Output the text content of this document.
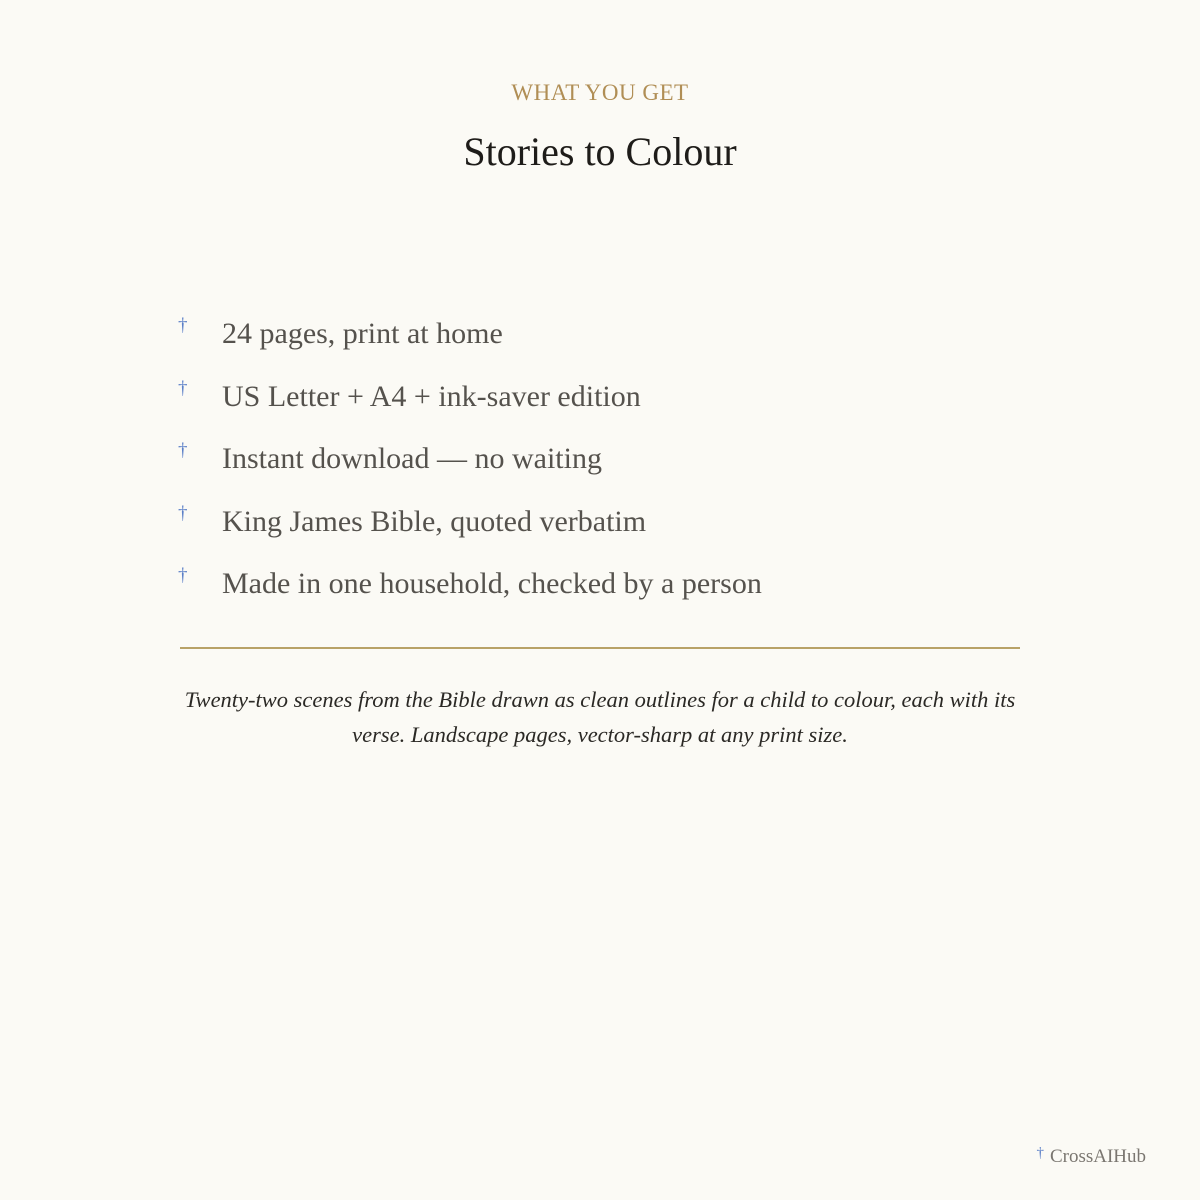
WHAT YOU GET
Stories to Colour
† 24 pages, print at home
† US Letter + A4 + ink-saver edition
† Instant download — no waiting
† King James Bible, quoted verbatim
† Made in one household, checked by a person

Twenty-two scenes from the Bible drawn as clean outlines for a child to colour, each with its verse. Landscape pages, vector-sharp at any print size.

† CrossAIHub
